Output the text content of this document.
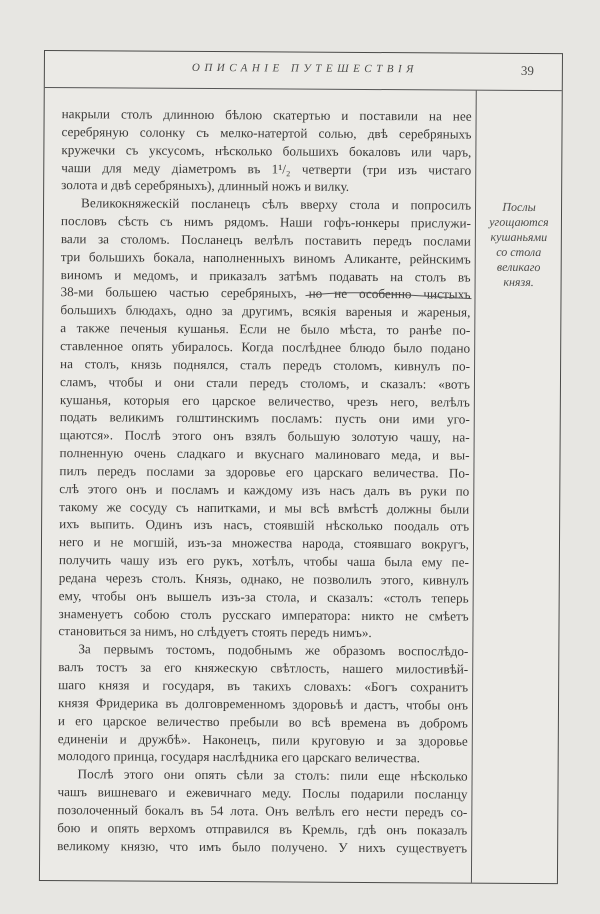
ОПИСАНІЕ ПУТЕШЕСТВІЯ	39
накрыли столъ длинною бѣлою скатертью и поставили на нее
серебряную солонку съ мелко-натертой солью, двѣ серебряныхъ
кружечки съ уксусомъ, нѣсколько большихъ бокаловъ или чаръ,
чаши для меду діаметромъ въ 1¹/₂ четверти (три изъ чистаго
золота и двѣ серебряныхъ), длинный ножъ и вилку.
Великокняжескій посланецъ сѣлъ вверху стола и попросилъ
пословъ сѣсть съ нимъ рядомъ. Наши гофъ-юнкеры прислужи-
вали за столомъ. Посланецъ велѣлъ поставить передъ послами
три большихъ бокала, наполненныхъ виномъ Аликанте, рейнскимъ
виномъ и медомъ, и приказалъ затѣмъ подавать на столъ въ
38-ми большею частью серебряныхъ, но не особенно чистыхъ
большихъ блюдахъ, одно за другимъ, всякія вареныя и жареныя,
а также печеныя кушанья. Если не было мѣста, то ранѣе по-
ставленное опять убиралось. Когда послѣднее блюдо было подано
на столъ, князь поднялся, сталъ передъ столомъ, кивнулъ по-
сламъ, чтобы и они стали передъ столомъ, и сказалъ: «вотъ
кушанья, которыя его царское величество, чрезъ него, велѣлъ
подать великимъ голштинскимъ посламъ: пусть они ими уго-
щаются». Послѣ этого онъ взялъ большую золотую чашу, на-
полненную очень сладкаго и вкуснаго малиноваго меда, и вы-
пилъ передъ послами за здоровье его царскаго величества. По-
слѣ этого онъ и посламъ и каждому изъ насъ далъ въ руки по
такому же сосуду съ напитками, и мы всѣ вмѣстѣ должны были
ихъ выпить. Одинъ изъ насъ, стоявшій нѣсколько поодаль отъ
него и не могшій, изъ-за множества народа, стоявшаго вокругъ,
получить чашу изъ его рукъ, хотѣлъ, чтобы чаша была ему пе-
редана черезъ столъ. Князь, однако, не позволилъ этого, кивнулъ
ему, чтобы онъ вышелъ изъ-за стола, и сказалъ: «столъ теперь
знаменуетъ собою столъ русскаго императора: никто не смѣетъ
становиться за нимъ, но слѣдуетъ стоять передъ нимъ».
За первымъ тостомъ, подобнымъ же образомъ воспослѣдо-
валъ тостъ за его княжескую свѣтлость, нашего милостивѣй-
шаго князя и государя, въ такихъ словахъ: «Богъ сохранитъ
князя Фридерика въ долговременномъ здоровьѣ и дастъ, чтобы онъ
и его царское величество пребыли во всѣ времена въ добромъ
единеніи и дружбѣ». Наконецъ, пили круговую и за здоровье
молодого принца, государя наслѣдника его царскаго величества.
Послѣ этого они опять сѣли за столъ: пили еще нѣсколько
чашъ вишневаго и ежевичнаго меду. Послы подарили посланцу
позолоченный бокалъ въ 54 лота. Онъ велѣлъ его нести передъ со-
бою и опять верхомъ отправился въ Кремль, гдѣ онъ показалъ
великому князю, что имъ было получено. У нихъ существуетъ
Послы
угощаются
кушаньями
со стола
великаго
князя.
